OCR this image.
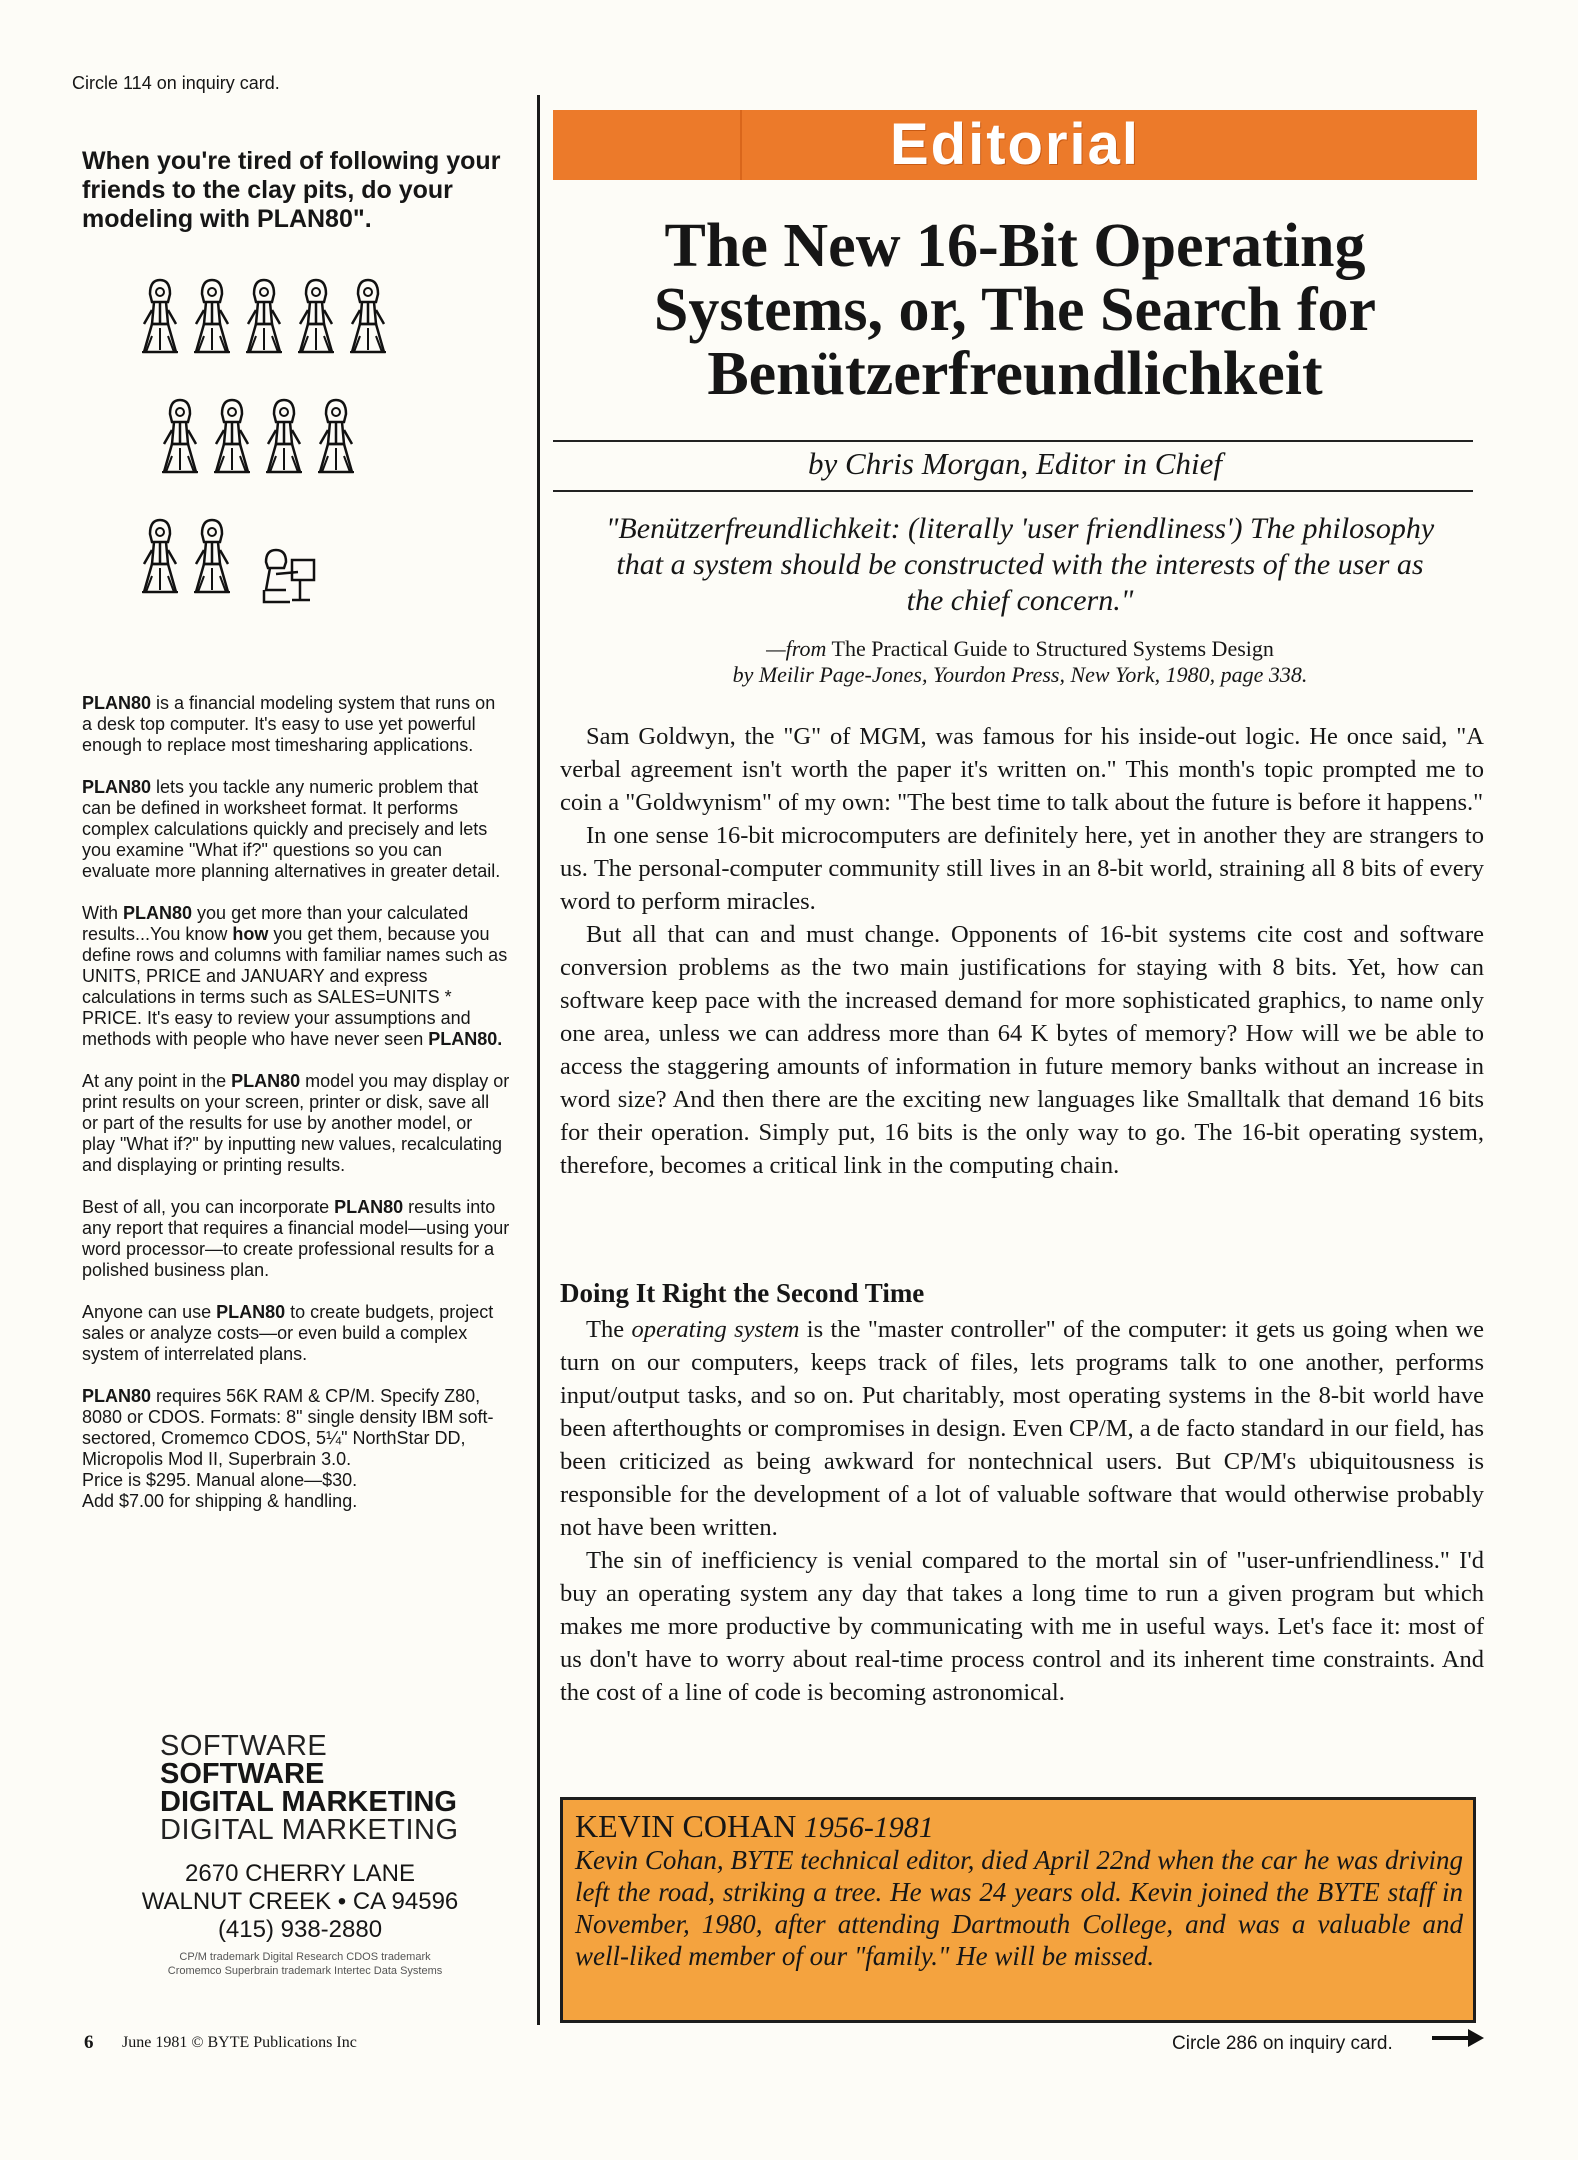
Circle 114 on inquiry card.
When you're tired of following your
friends to the clay pits, do your
modeling with PLAN80".

PLAN80 is a financial modeling system that runs on a desk top computer. It's easy to use yet powerful enough to replace most timesharing applications.

PLAN80 lets you tackle any numeric problem that can be defined in worksheet format. It performs complex calculations quickly and precisely and lets you examine "What if?" questions so you can evaluate more planning alternatives in greater detail.

With PLAN80 you get more than your calculated results...You know how you get them, because you define rows and columns with familiar names such as UNITS, PRICE and JANUARY and express calculations in terms such as SALES=UNITS * PRICE. It's easy to review your assumptions and methods with people who have never seen PLAN80.

At any point in the PLAN80 model you may display or print results on your screen, printer or disk, save all or part of the results for use by another model, or play "What if?" by inputting new values, recalculating and displaying or printing results.

Best of all, you can incorporate PLAN80 results into any report that requires a financial model—using your word processor—to create professional results for a polished business plan.

Anyone can use PLAN80 to create budgets, project sales or analyze costs—or even build a complex system of interrelated plans.

PLAN80 requires 56K RAM & CP/M. Specify Z80, 8080 or CDOS. Formats: 8" single density IBM soft-sectored, Cromemco CDOS, 5¼" NorthStar DD, Micropolis Mod II, Superbrain 3.0.

Price is $295. Manual alone—$30.

Add $7.00 for shipping & handling.

SOFTWARE
SOFTWARE
DIGITAL MARKETING
DIGITAL MARKETING
2670 CHERRY LANE
WALNUT CREEK • CA 94596
(415) 938-2880
CP/M trademark Digital Research CDOS trademark
Cromemco Superbrain trademark Intertec Data Systems
Editorial
The New 16-Bit Operating
Systems, or, The Search for
Benützerfreundlichkeit
by Chris Morgan, Editor in Chief
"Benützerfreundlichkeit: (literally 'user friendliness') The philosophy that a system should be constructed with the interests of the user as the chief concern."
—from The Practical Guide to Structured Systems Design
by Meilir Page-Jones, Yourdon Press, New York, 1980, page 338.

Sam Goldwyn, the "G" of MGM, was famous for his inside-out logic. He once said, "A verbal agreement isn't worth the paper it's written on." This month's topic prompted me to coin a "Goldwynism" of my own: "The best time to talk about the future is before it happens."

In one sense 16-bit microcomputers are definitely here, yet in another they are strangers to us. The personal-computer community still lives in an 8-bit world, straining all 8 bits of every word to perform miracles.

But all that can and must change. Opponents of 16-bit systems cite cost and software conversion problems as the two main justifications for staying with 8 bits. Yet, how can software keep pace with the increased demand for more sophisticated graphics, to name only one area, unless we can address more than 64 K bytes of memory? How will we be able to access the staggering amounts of information in future memory banks without an increase in word size? And then there are the exciting new languages like Smalltalk that demand 16 bits for their operation. Simply put, 16 bits is the only way to go. The 16-bit operating system, therefore, becomes a critical link in the computing chain.

Doing It Right the Second Time

The operating system is the "master controller" of the computer: it gets us going when we turn on our computers, keeps track of files, lets programs talk to one another, performs input/output tasks, and so on. Put charitably, most operating systems in the 8-bit world have been afterthoughts or compromises in design. Even CP/M, a de facto standard in our field, has been criticized as being awkward for nontechnical users. But CP/M's ubiquitousness is responsible for the development of a lot of valuable software that would otherwise probably not have been written.

The sin of inefficiency is venial compared to the mortal sin of "user-unfriendliness." I'd buy an operating system any day that takes a long time to run a given program but which makes me more productive by communicating with me in useful ways. Let's face it: most of us don't have to worry about real-time process control and its inherent time constraints. And the cost of a line of code is becoming astronomical.

KEVIN COHAN 1956-1981
Kevin Cohan, BYTE technical editor, died April 22nd when the car he was driving left the road, striking a tree. He was 24 years old. Kevin joined the BYTE staff in November, 1980, after attending Dartmouth College, and was a valuable and well-liked member of our "family." He will be missed.
6 June 1981 © BYTE Publications Inc	Circle 286 on inquiry card.
